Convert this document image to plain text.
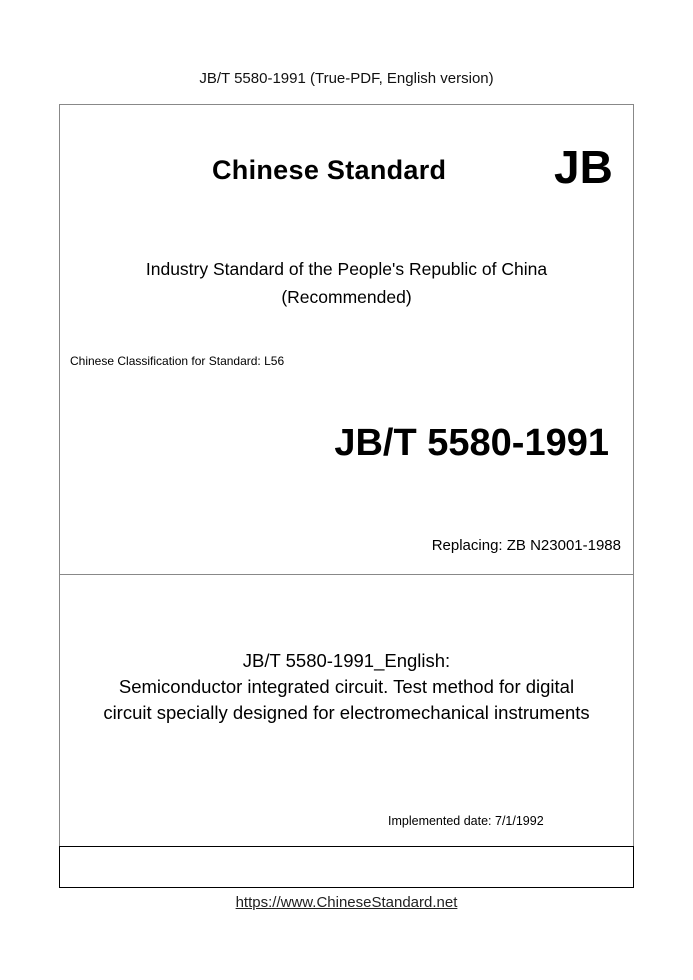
JB/T 5580-1991 (True-PDF, English version)
Chinese Standard JB
Industry Standard of the People's Republic of China
(Recommended)
Chinese Classification for Standard: L56
JB/T 5580-1991
Replacing: ZB N23001-1988
JB/T 5580-1991_English:
Semiconductor integrated circuit. Test method for digital
circuit specially designed for electromechanical instruments
Implemented date: 7/1/1992
https://www.ChineseStandard.net
